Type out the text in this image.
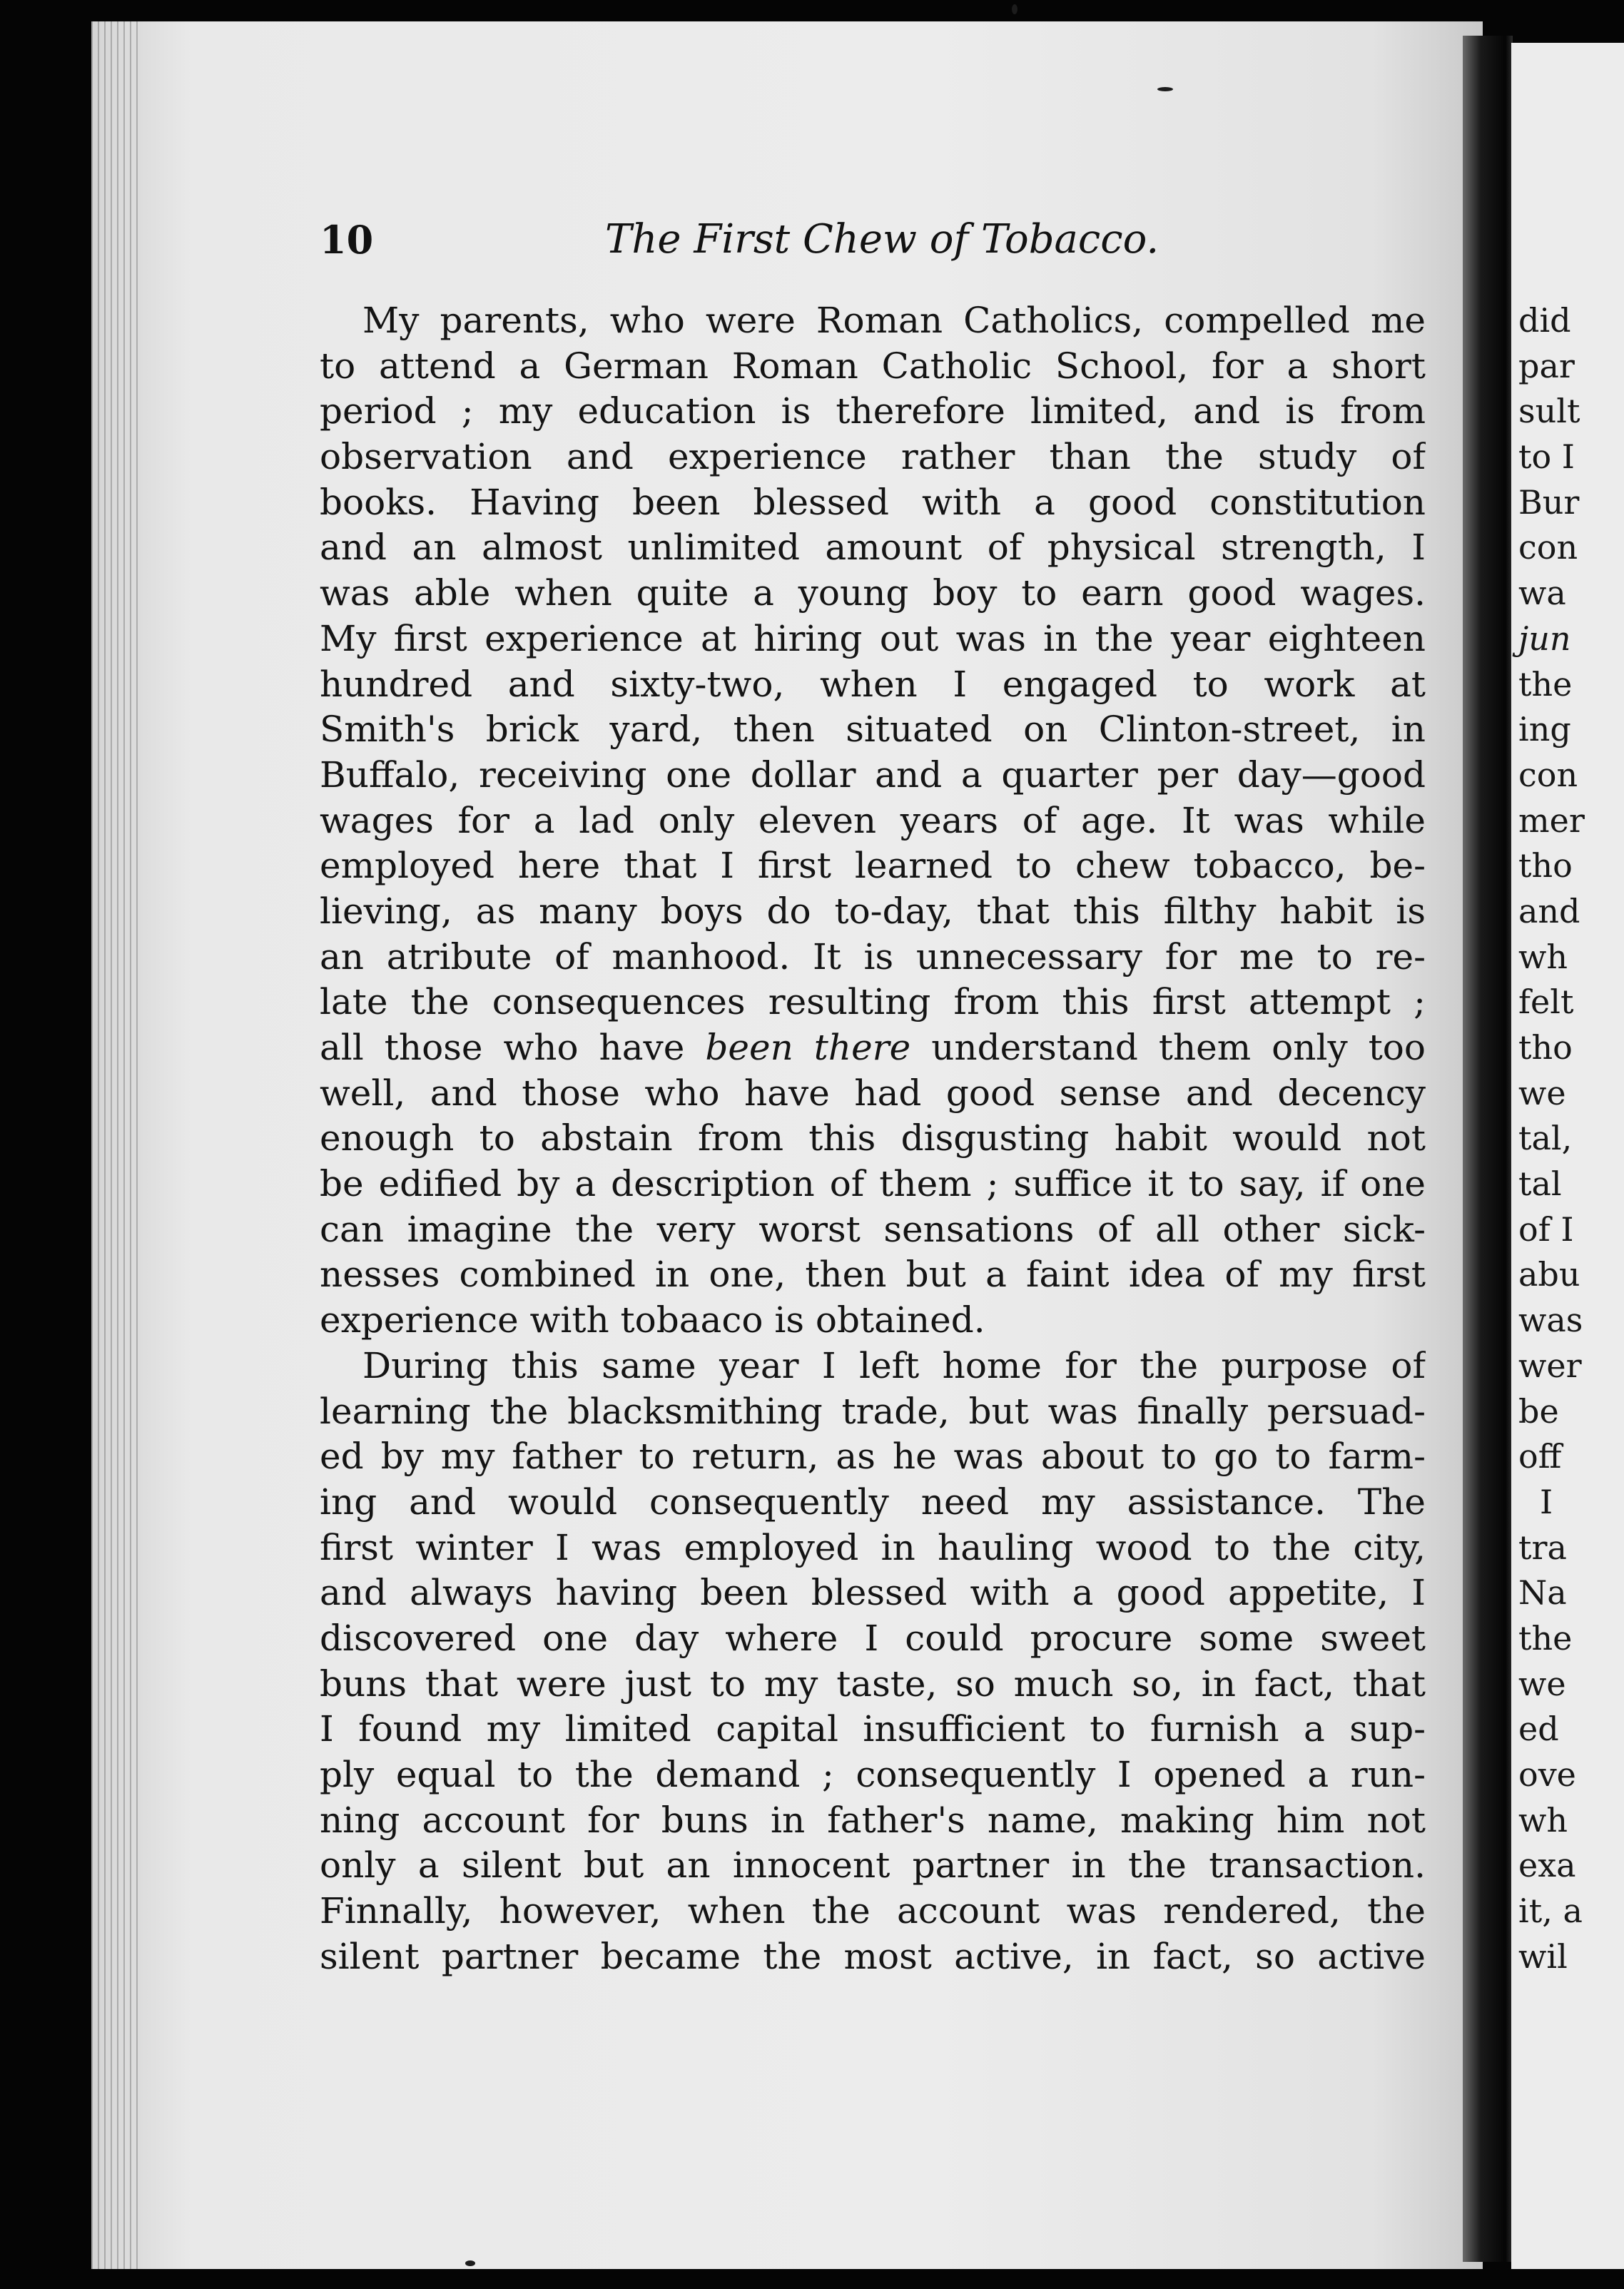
did
par
sult
to I
Bur
con
wa
jun
the
ing
con
mer
tho
and
wh
felt
tho
we
tal,
tal
of I
abu
was
wer
be
off
I
tra
Na
the
we
ed
ove
wh
exa
it, a
wil
10	The First Chew of Tobacco.
My parents, who were Roman Catholics, compelled me
to attend a German Roman Catholic School, for a short
period ; my education is therefore limited, and is from
observation and experience rather than the study of
books. Having been blessed with a good constitution
and an almost unlimited amount of physical strength, I
was able when quite a young boy to earn good wages.
My first experience at hiring out was in the year eighteen
hundred and sixty-two, when I engaged to work at
Smith's brick yard, then situated on Clinton-street, in
Buffalo, receiving one dollar and a quarter per day—good
wages for a lad only eleven years of age. It was while
employed here that I first learned to chew tobacco, be-
lieving, as many boys do to-day, that this filthy habit is
an atribute of manhood. It is unnecessary for me to re-
late the consequences resulting from this first attempt ;
all those who have been there understand them only too
well, and those who have had good sense and decency
enough to abstain from this disgusting habit would not
be edified by a description of them ; suffice it to say, if one
can imagine the very worst sensations of all other sick-
nesses combined in one, then but a faint idea of my first
experience with tobaaco is obtained.
During this same year I left home for the purpose of
learning the blacksmithing trade, but was finally persuad-
ed by my father to return, as he was about to go to farm-
ing and would consequently need my assistance. The
first winter I was employed in hauling wood to the city,
and always having been blessed with a good appetite, I
discovered one day where I could procure some sweet
buns that were just to my taste, so much so, in fact, that
I found my limited capital insufficient to furnish a sup-
ply equal to the demand ; consequently I opened a run-
ning account for buns in father's name, making him not
only a silent but an innocent partner in the transaction.
Finnally, however, when the account was rendered, the
silent partner became the most active, in fact, so active
